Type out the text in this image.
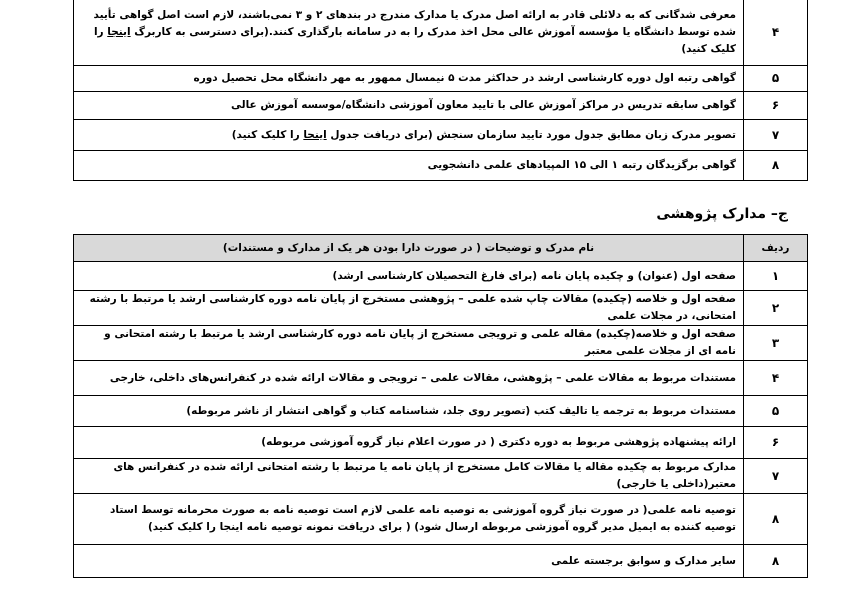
۴	معرفی شدگانی که به دلائلی قادر به ارائه اصل مدرک یا مدارک مندرج در بندهای ۲ و ۳ نمی‌باشند، لازم است اصل گواهی تأیید شده توسط دانشگاه یا مؤسسه آموزش عالی محل اخذ مدرک را به در سامانه بارگذاری کنند.(برای دسترسی به کاربرگ اینجا را کلیک کنید)
۵	گواهی رتبه اول دوره کارشناسی ارشد در حداکثر مدت ۵ نیمسال ممهور به مهر دانشگاه محل تحصیل دوره
۶	گواهی سابقه تدریس در مراکز آموزش عالی با تایید معاون آموزشی دانشگاه/موسسه آموزش عالی
۷	تصویر مدرک زبان مطابق جدول مورد تایید سازمان سنجش (برای دریافت جدول اینجا را کلیک کنید)
۸	گواهی برگزیدگان رتبه ۱ الی ۱۵ المپیادهای علمی دانشجویی

ج– مدارک پژوهشی

ردیف	نام مدرک و توضیحات ( در صورت دارا بودن هر یک از مدارک و مستندات)
۱	صفحه اول (عنوان) و چکیده پایان نامه (برای فارغ التحصیلان کارشناسی ارشد)
۲	صفحه اول و خلاصه (چکیده) مقالات چاپ شده علمی – پژوهشی مستخرج از پایان نامه دوره کارشناسی ارشد یا مرتبط با رشته امتحانی، در مجلات علمی
۳	صفحه اول و خلاصه(چکیده) مقاله علمی و ترویجی مستخرج از پایان نامه دوره کارشناسی ارشد یا مرتبط با رشته امتحانی و نامه ای از مجلات علمی معتبر
۴	مستندات مربوط به مقالات علمی – پژوهشی، مقالات علمی – ترویجی و مقالات ارائه شده در کنفرانس‌های داخلی، خارجی
۵	مستندات مربوط به ترجمه یا تالیف کتب (تصویر روی جلد، شناسنامه کتاب و گواهی انتشار از ناشر مربوطه)
۶	ارائه پیشنهاده پژوهشی مربوط به دوره دکتری ( در صورت اعلام نیاز گروه آموزشی مربوطه)
۷	مدارک مربوط به چکیده مقاله یا مقالات کامل مستخرج از پایان نامه یا مرتبط با رشته امتحانی ارائه شده در کنفرانس های معتبر(داخلی یا خارجی)
۸	توصیه نامه علمی( در صورت نیاز گروه آموزشی به توصیه نامه علمی لازم است توصیه نامه به صورت محرمانه توسط استاد توصیه کننده به ایمیل مدیر گروه آموزشی مربوطه ارسال شود) ( برای دریافت نمونه توصیه نامه اینجا را کلیک کنید)
۸	سایر مدارک و سوابق برجسته علمی
